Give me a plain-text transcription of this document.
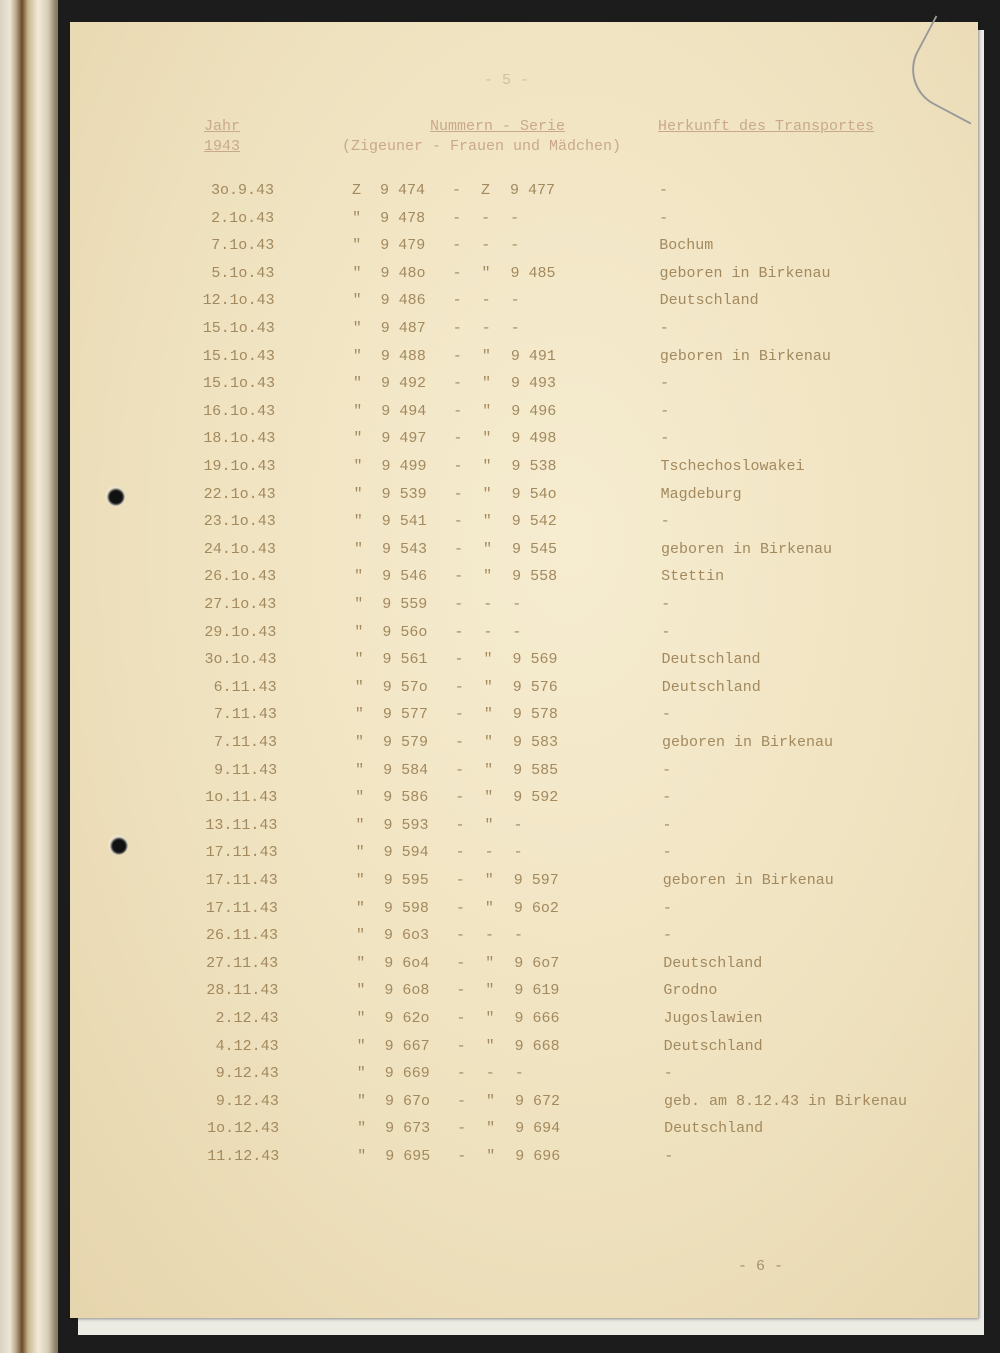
- 5 -
Jahr
1943
Nummern - Serie
(Zigeuner - Frauen und Mädchen)
Herkunft des Transportes
3o.9.43	Z 9 474 - Z 9 477	-
2.1o.43	" 9 478 - - -	-
7.1o.43	" 9 479 - - -	Bochum
5.1o.43	" 9 48o - " 9 485	geboren in Birkenau
12.1o.43	" 9 486 - - -	Deutschland
15.1o.43	" 9 487 - - -	-
15.1o.43	" 9 488 - " 9 491	geboren in Birkenau
15.1o.43	" 9 492 - " 9 493	-
16.1o.43	" 9 494 - " 9 496	-
18.1o.43	" 9 497 - " 9 498	-
19.1o.43	" 9 499 - " 9 538	Tschechoslowakei
22.1o.43	" 9 539 - " 9 54o	Magdeburg
23.1o.43	" 9 541 - " 9 542	-
24.1o.43	" 9 543 - " 9 545	geboren in Birkenau
26.1o.43	" 9 546 - " 9 558	Stettin
27.1o.43	" 9 559 - - -	-
29.1o.43	" 9 56o - - -	-
3o.1o.43	" 9 561 - " 9 569	Deutschland
6.11.43	" 9 57o - " 9 576	Deutschland
7.11.43	" 9 577 - " 9 578	-
7.11.43	" 9 579 - " 9 583	geboren in Birkenau
9.11.43	" 9 584 - " 9 585	-
1o.11.43	" 9 586 - " 9 592	-
13.11.43	" 9 593 - " -	-
17.11.43	" 9 594 - - -	-
17.11.43	" 9 595 - " 9 597	geboren in Birkenau
17.11.43	" 9 598 - " 9 6o2	-
26.11.43	" 9 6o3 - - -	-
27.11.43	" 9 6o4 - " 9 6o7	Deutschland
28.11.43	" 9 6o8 - " 9 619	Grodno
2.12.43	" 9 62o - " 9 666	Jugoslawien
4.12.43	" 9 667 - " 9 668	Deutschland
9.12.43	" 9 669 - - -	-
9.12.43	" 9 67o - " 9 672	geb. am 8.12.43 in Birkenau
1o.12.43	" 9 673 - " 9 694	Deutschland
11.12.43	" 9 695 - " 9 696	-
- 6 -
